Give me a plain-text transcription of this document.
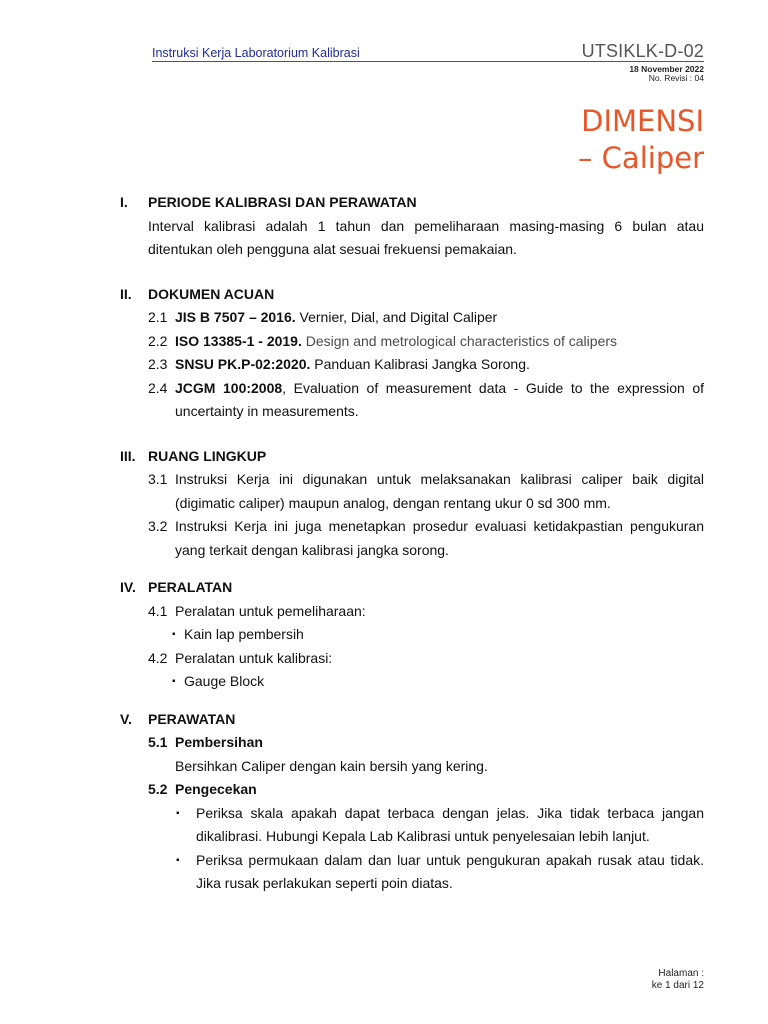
Instruksi Kerja Laboratorium Kalibrasi	UTSIKLK-D-02
18 November 2022
No. Revisi : 04
DIMENSI
– Caliper
I. PERIODE KALIBRASI DAN PERAWATAN
Interval kalibrasi adalah 1 tahun dan pemeliharaan masing-masing 6 bulan atau ditentukan oleh pengguna alat sesuai frekuensi pemakaian.
II. DOKUMEN ACUAN
2.1 JIS B 7507 – 2016. Vernier, Dial, and Digital Caliper
2.2 ISO 13385-1 - 2019. Design and metrological characteristics of calipers
2.3 SNSU PK.P-02:2020. Panduan Kalibrasi Jangka Sorong.
2.4 JCGM 100:2008, Evaluation of measurement data - Guide to the expression of uncertainty in measurements.
III. RUANG LINGKUP
3.1 Instruksi Kerja ini digunakan untuk melaksanakan kalibrasi caliper baik digital (digimatic caliper) maupun analog, dengan rentang ukur 0 sd 300 mm.
3.2 Instruksi Kerja ini juga menetapkan prosedur evaluasi ketidakpastian pengukuran yang terkait dengan kalibrasi jangka sorong.
IV. PERALATAN
4.1 Peralatan untuk pemeliharaan:
▪ Kain lap pembersih
4.2 Peralatan untuk kalibrasi:
▪ Gauge Block
V. PERAWATAN
5.1 Pembersihan
Bersihkan Caliper dengan kain bersih yang kering.
5.2 Pengecekan
▪ Periksa skala apakah dapat terbaca dengan jelas. Jika tidak terbaca jangan dikalibrasi. Hubungi Kepala Lab Kalibrasi untuk penyelesaian lebih lanjut.
▪ Periksa permukaan dalam dan luar untuk pengukuran apakah rusak atau tidak. Jika rusak perlakukan seperti poin diatas.
Halaman :
ke 1 dari 12
